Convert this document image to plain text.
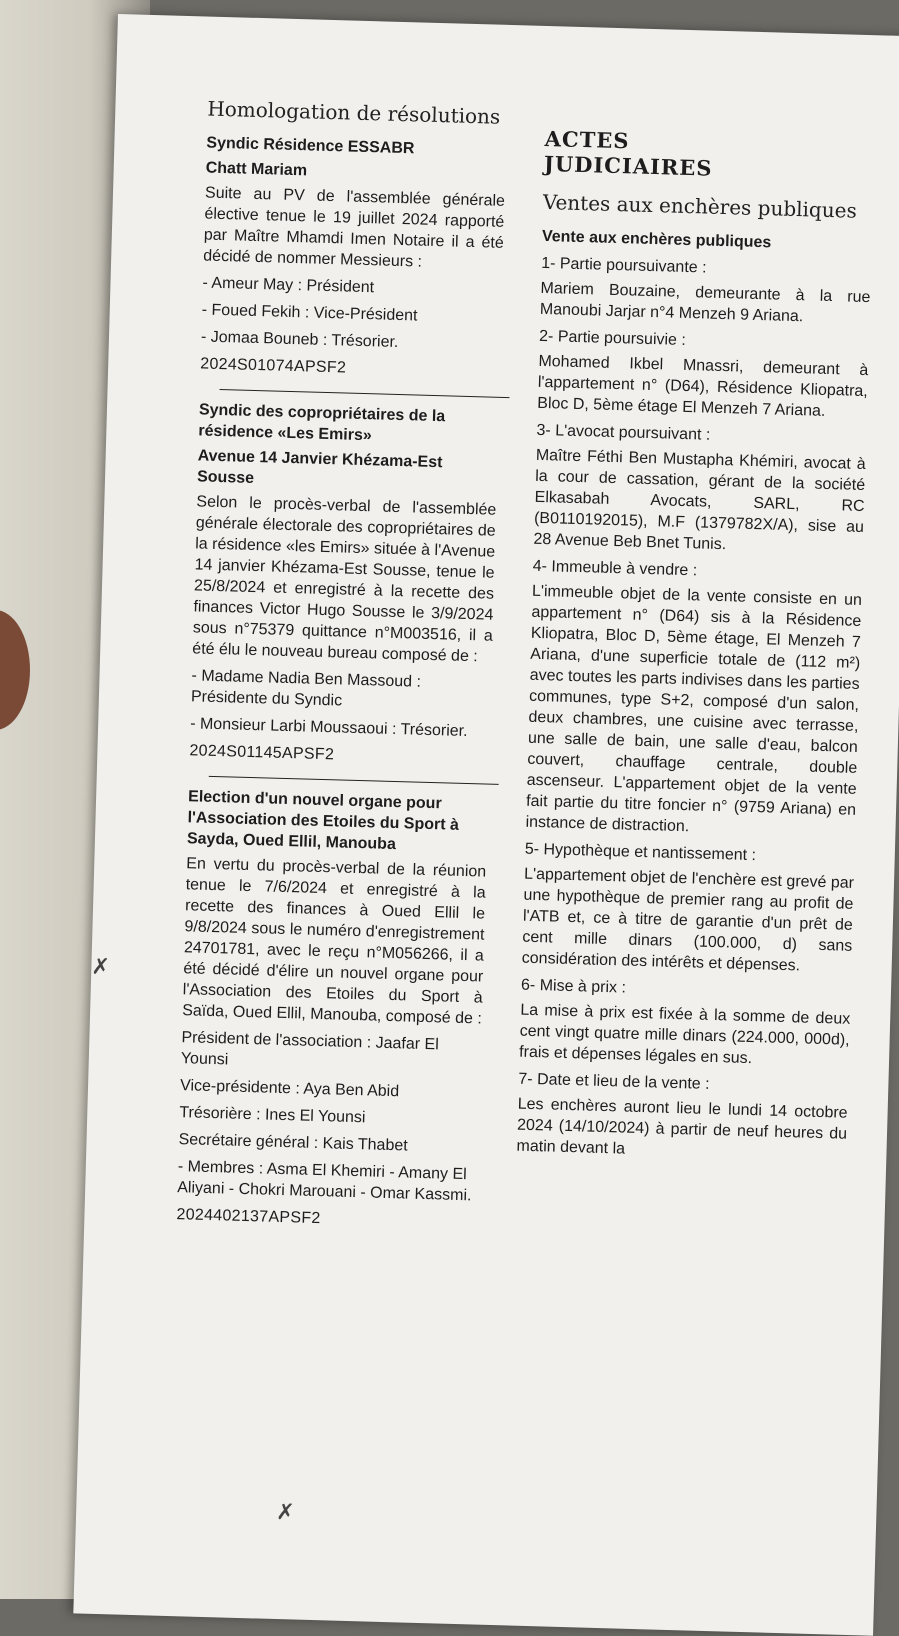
Homologation de résolutions
Syndic Résidence ESSABR
Chatt Mariam

Suite au PV de l'assemblée générale élective tenue le 19 juillet 2024 rapporté par Maître Mhamdi Imen Notaire il a été décidé de nommer Messieurs :

- Ameur May : Président
- Foued Fekih : Vice-Président
- Jomaa Bouneb : Trésorier.
2024S01074APSF2
Syndic des copropriétaires de la résidence «Les Emirs»
Avenue 14 Janvier Khézama-Est Sousse

Selon le procès-verbal de l'assemblée générale électorale des copropriétaires de la résidence «les Emirs» située à l'Avenue 14 janvier Khézama-Est Sousse, tenue le 25/8/2024 et enregistré à la recette des finances Victor Hugo Sousse le 3/9/2024 sous n°75379 quittance n°M003516, il a été élu le nouveau bureau composé de :

- Madame Nadia Ben Massoud : Présidente du Syndic
- Monsieur Larbi Moussaoui : Trésorier.
2024S01145APSF2
Election d'un nouvel organe pour l'Association des Etoiles du Sport à Sayda, Oued Ellil, Manouba

En vertu du procès-verbal de la réunion tenue le 7/6/2024 et enregistré à la recette des finances à Oued Ellil le 9/8/2024 sous le numéro d'enregistrement 24701781, avec le reçu n°M056266, il a été décidé d'élire un nouvel organe pour l'Association des Etoiles du Sport à Saïda, Oued Ellil, Manouba, composé de :

Président de l'association : Jaafar El Younsi
Vice-présidente : Aya Ben Abid
Trésorière : Ines El Younsi
Secrétaire général : Kais Thabet
- Membres : Asma El Khemiri - Amany El Aliyani - Chokri Marouani - Omar Kassmi.
2024402137APSF2
ACTES
JUDICIAIRES
Ventes aux enchères publiques
Vente aux enchères publiques
1- Partie poursuivante :

Mariem Bouzaine, demeurante à la rue Manoubi Jarjar n°4 Menzeh 9 Ariana.

2- Partie poursuivie :

Mohamed Ikbel Mnassri, demeurant à l'appartement n° (D64), Résidence Kliopatra, Bloc D, 5ème étage El Menzeh 7 Ariana.

3- L'avocat poursuivant :

Maître Féthi Ben Mustapha Khémiri, avocat à la cour de cassation, gérant de la société Elkasabah Avocats, SARL, RC (B0110192015), M.F (1379782X/A), sise au 28 Avenue Beb Bnet Tunis.

4- Immeuble à vendre :

L'immeuble objet de la vente consiste en un appartement n° (D64) sis à la Résidence Kliopatra, Bloc D, 5ème étage, El Menzeh 7 Ariana, d'une superficie totale de (112 m²) avec toutes les parts indivises dans les parties communes, type S+2, composé d'un salon, deux chambres, une cuisine avec terrasse, une salle de bain, une salle d'eau, balcon couvert, chauffage centrale, double ascenseur. L'appartement objet de la vente fait partie du titre foncier n° (9759 Ariana) en instance de distraction.

5- Hypothèque et nantissement :

L'appartement objet de l'enchère est grevé par une hypothèque de premier rang au profit de l'ATB et, ce à titre de garantie d'un prêt de cent mille dinars (100.000, d) sans considération des intérêts et dépenses.

6- Mise à prix :

La mise à prix est fixée à la somme de deux cent vingt quatre mille dinars (224.000, 000d), frais et dépenses légales en sus.

7- Date et lieu de la vente :

Les enchères auront lieu le lundi 14 octobre 2024 (14/10/2024) à partir de neuf heures du matin devant la

✗
✗
